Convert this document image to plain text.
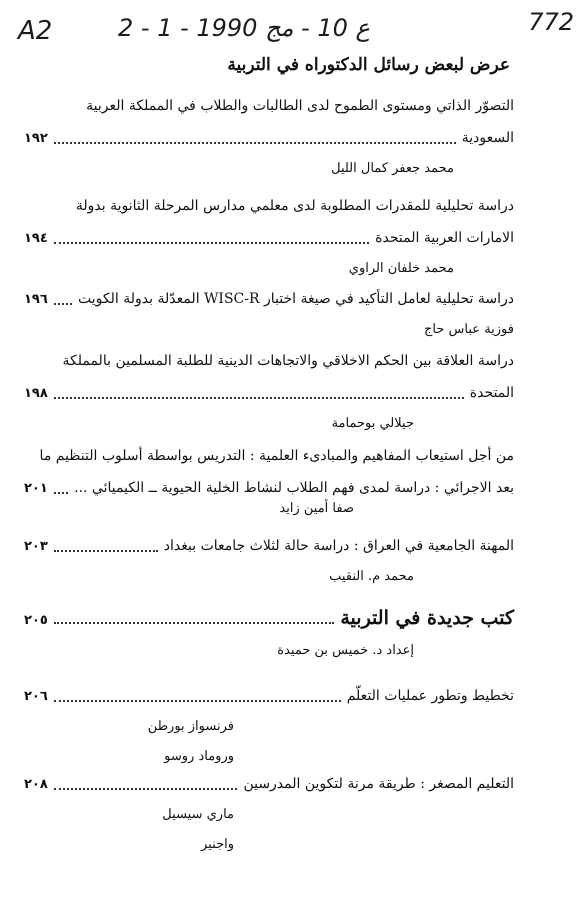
A2	2 - 1 - ع 10 - مج 1990	772
عرض لبعض رسائل الدكتوراه في التربية
التصوّر الذاتي ومستوى الطموح لدى الطالبات والطلاب في المملكة العربية
السعودية
١٩٢
محمد جعفر كمال الليل
دراسة تحليلية للمقدرات المطلوبة لدى معلمي مدارس المرحلة الثانوية بدولة
الامارات العربية المتحدة
١٩٤
محمد خلفان الراوي
دراسة تحليلية لعامل التأكيد في صيغة اختبار WISC-R المعدّلة بدولة الكويت
١٩٦
فوزية عباس حاج
دراسة العلاقة بين الحكم الاخلاقي والاتجاهات الدينية للطلبة المسلمين بالمملكة
المتحدة
١٩٨
جيلالي بوحمامة
من أجل استيعاب المفاهيم والمبادىء العلمية : التدريس بواسطة أسلوب التنظيم ما
بعد الاجرائي : دراسة لمدى فهم الطلاب لنشاط الخلية الحيوية ــ الكيميائي ...
٢٠١
صفا أمين زايد
المهنة الجامعية في العراق : دراسة حالة لثلاث جامعات ببغداد
٢٠٣
محمد م. النقيب
كتب جديدة في التربية
٢٠٥
إعداد د. خميس بن حميدة
تخطيط وتطور عمليات التعلّم
٢٠٦
فرنسواز بورطن
وروماد روسو
التعليم المصغر : طريقة مرنة لتكوين المدرسين
٢٠٨
ماري سيسيل
واجنير
